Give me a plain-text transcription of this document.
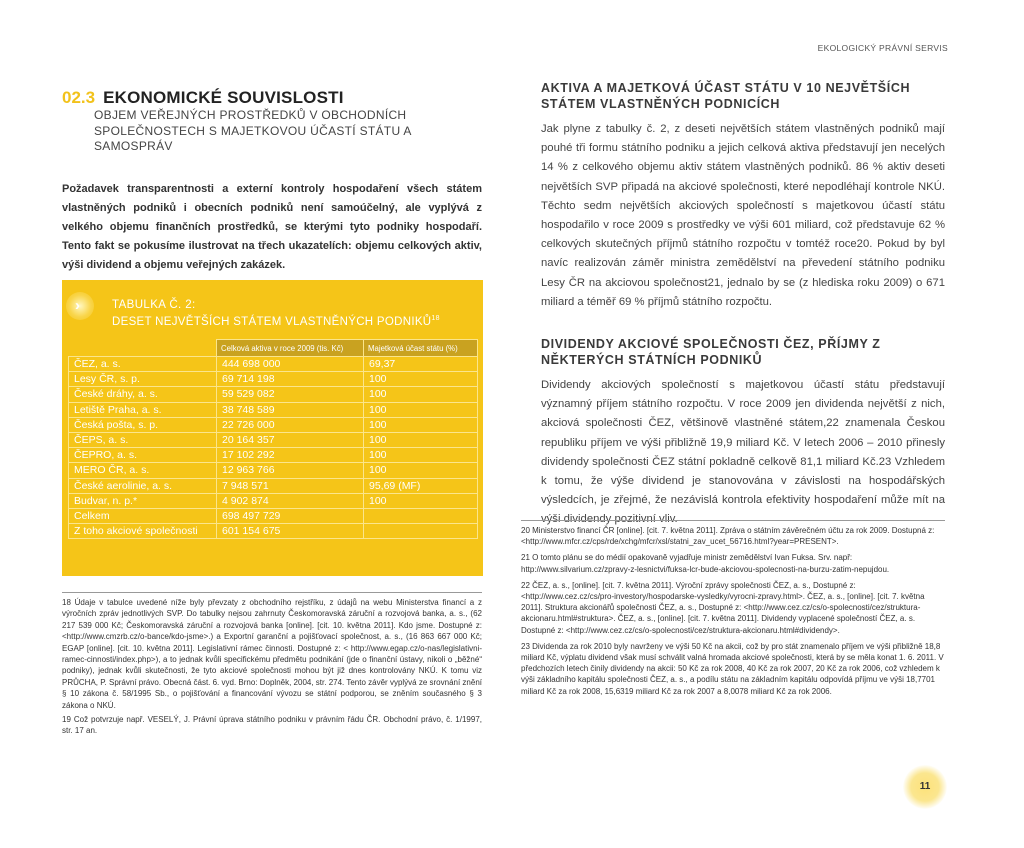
EKOLOGICKÝ PRÁVNÍ SERVIS
02.3 EKONOMICKÉ SOUVISLOSTI
OBJEM VEŘEJNÝCH PROSTŘEDKŮ V OBCHODNÍCH SPOLEČNOSTECH S MAJETKOVOU ÚČASTÍ STÁTU A SAMOSPRÁV
Požadavek transparentnosti a externí kontroly hospodaření všech státem vlastněných podniků i obecních podniků není samoúčelný, ale vyplývá z velkého objemu finančních prostředků, se kterými tyto podniky hospodaří. Tento fakt se pokusíme ilustrovat na třech ukazatelích: objemu celkových aktiv, výši dividend a objemu veřejných zakázek.
›	TABULKA Č. 2:
DESET NEJVĚTŠÍCH STÁTEM VLASTNĚNÝCH PODNIKŮ$^{18}$
	Celková aktiva v roce 2009 (tis. Kč)	Majetková účast státu (%)
ČEZ, a. s.	444 698 000	69,37
Lesy ČR, s. p.	69 714 198	100
České dráhy, a. s.	59 529 082	100
Letiště Praha, a. s.	38 748 589	100
Česká pošta, s. p.	22 726 000	100
ČEPS, a. s.	20 164 357	100
ČEPRO, a. s.	17 102 292	100
MERO ČR, a. s.	12 963 766	100
České aerolinie, a. s.	7 948 571	95,69 (MF)
Budvar, n. p.*	4 902 874	100
Celkem	698 497 729	
Z toho akciové společnosti	601 154 675	
* Budějovický Budvar má formu národního podniku, v praxi však mezi touto formou a formou státního podniku není rozdíl.$^{19}$

18 Údaje v tabulce uvedené níže byly převzaty z obchodního rejstříku, z údajů na webu Ministerstva financí a z výročních zpráv jednotlivých SVP. Do tabulky nejsou zahrnuty Českomoravská záruční a rozvojová banka, a. s., (62 217 539 000 Kč; Českomoravská záruční a rozvojová banka [online]. [cit. 10. května 2011]. Kdo jsme. Dostupné z: <http://www.cmzrb.cz/o-bance/kdo-jsme>.) a Exportní garanční a pojišťovací společnost, a. s., (16 863 667 000 Kč; EGAP [online]. [cit. 10. května 2011]. Legislativní rámec činnosti. Dostupné z: < http://www.egap.cz/o-nas/legislativni-ramec-cinnosti/index.php>), a to jednak kvůli specifickému předmětu podnikání (jde o finanční ústavy, nikoli o „běžné“ podniky), jednak kvůli skutečnosti, že tyto akciové společnosti mohou být již dnes kontrolovány NKÚ. K tomu viz PRŮCHA, P. Správní právo. Obecná část. 6. vyd. Brno: Doplněk, 2004, str. 274. Tento závěr vyplývá ze srovnání znění § 10 zákona č. 58/1995 Sb., o pojišťování a financování vývozu se státní podporou, se zněním současného § 3 zákona o NKÚ.

19 Což potvrzuje např. VESELÝ, J. Právní úprava státního podniku v právním řádu ČR. Obchodní právo, č. 1/1997, str. 17 an.

AKTIVA A MAJETKOVÁ ÚČAST STÁTU V 10 NEJVĚTŠÍCH STÁTEM VLASTNĚNÝCH PODNICÍCH

Jak plyne z tabulky č. 2, z deseti největších státem vlastněných podniků mají pouhé tři formu státního podniku a jejich celková aktiva představují jen necelých 14 % z celkového objemu aktiv státem vlastněných podniků. 86 % aktiv deseti největších SVP připadá na akciové společnosti, které nepodléhají kontrole NKÚ. Těchto sedm největších akciových společností s majetkovou účastí státu hospodařilo v roce 2009 s prostředky ve výši 601 miliard, což představuje 62 % celkových skutečných příjmů státního rozpočtu v tomtéž roce20. Pokud by byl navíc realizován záměr ministra zemědělství na převedení státního podniku Lesy ČR na akciovou společnost21, jednalo by se (z hlediska roku 2009) o 671 miliard a téměř 69 % příjmů státního rozpočtu.

DIVIDENDY AKCIOVÉ SPOLEČNOSTI ČEZ, PŘÍJMY Z NĚKTERÝCH STÁTNÍCH PODNIKŮ

Dividendy akciových společností s majetkovou účastí státu představují významný příjem státního rozpočtu. V roce 2009 jen dividenda největší z nich, akciová společnosti ČEZ, většinově vlastněné státem,22 znamenala Českou republiku příjem ve výši přibližně 19,9 miliard Kč. V letech 2006 – 2010 přinesly dividendy společnosti ČEZ státní pokladně celkově 81,1 miliard Kč.23 Vzhledem k tomu, že výše dividend je stanovována v závislosti na hospodářských výsledcích, je zřejmé, že nezávislá kontrola efektivity hospodaření může mít na výši dividendy pozitivní vliv.

20 Ministerstvo financí ČR [online]. [cit. 7. května 2011]. Zpráva o státním závěrečném účtu za rok 2009. Dostupná z: <http://www.mfcr.cz/cps/rde/xchg/mfcr/xsl/statni_zav_ucet_56716.html?year=PRESENT>.

21 O tomto plánu se do médií opakovaně vyjadřuje ministr zemědělství Ivan Fuksa. Srv. např: http://www.silvarium.cz/zpravy-z-lesnictvi/fuksa-lcr-bude-akciovou-spolecnosti-na-burzu-zatim-nepujdou.

22 ČEZ, a. s., [online]. [cit. 7. května 2011]. Výroční zprávy společnosti ČEZ, a. s., Dostupné z: <http://www.cez.cz/cs/pro-investory/hospodarske-vysledky/vyrocni-zpravy.html>. ČEZ, a. s., [online]. [cit. 7. května 2011]. Struktura akcionářů společnosti ČEZ, a. s., Dostupné z: <http://www.cez.cz/cs/o-spolecnosti/cez/struktura-akcionaru.html#struktura>. ČEZ, a. s., [online]. [cit. 7. května 2011]. Dividendy vyplacené společností ČEZ, a. s. Dostupné z: <http://www.cez.cz/cs/o-spolecnosti/cez/struktura-akcionaru.html#dividendy>.

23 Dividenda za rok 2010 byly navrženy ve výši 50 Kč na akcii, což by pro stát znamenalo příjem ve výši přibližně 18,8 miliard Kč, výplatu dividend však musí schválit valná hromada akciové společnosti, která by se měla konat 1. 6. 2011. V předchozích letech činily dividendy na akcii: 50 Kč za rok 2008, 40 Kč za rok 2007, 20 Kč za rok 2006, což vzhledem k výši základního kapitálu společnosti ČEZ, a. s., a podílu státu na základním kapitálu odpovídá příjmu ve výši 18,7701 miliard Kč za rok 2008, 15,6319 miliard Kč za rok 2007 a 8,0078 miliard Kč za rok 2006.

11
